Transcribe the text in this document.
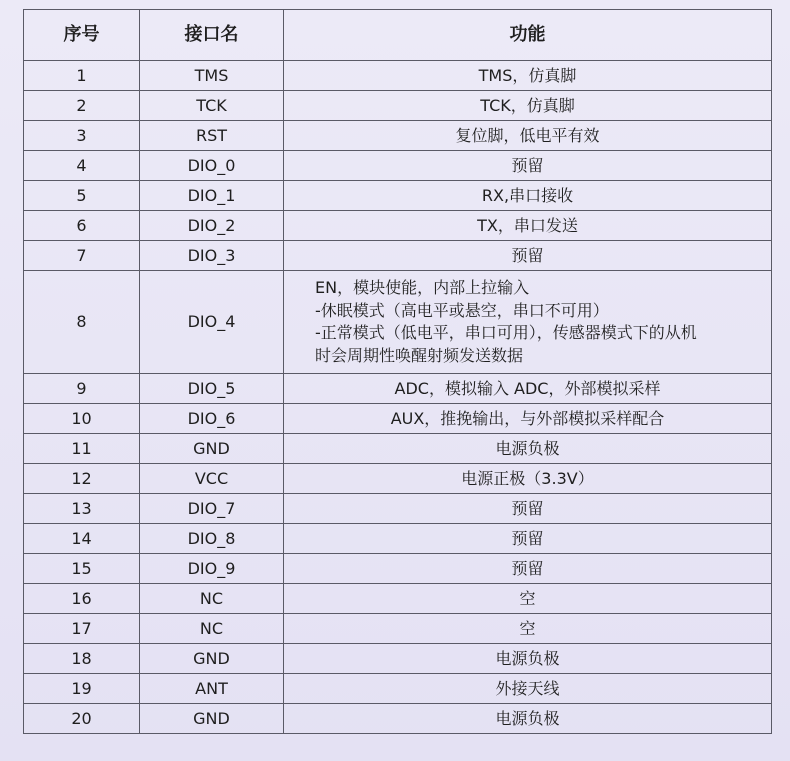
序号	接口名	功能
1	TMS	TMS，仿真脚
2	TCK	TCK，仿真脚
3	RST	复位脚，低电平有效
4	DIO_0	预留
5	DIO_1	RX,串口接收
6	DIO_2	TX，串口发送
7	DIO_3	预留
8	DIO_4	EN，模块使能，内部上拉输入
-休眠模式（高电平或悬空，串口不可用）
-正常模式（低电平，串口可用），传感器模式下的从机
时会周期性唤醒射频发送数据

9	DIO_5	ADC，模拟输入 ADC，外部模拟采样
10	DIO_6	AUX，推挽输出，与外部模拟采样配合
11	GND	电源负极
12	VCC	电源正极（3.3V）
13	DIO_7	预留
14	DIO_8	预留
15	DIO_9	预留
16	NC	空
17	NC	空
18	GND	电源负极
19	ANT	外接天线
20	GND	电源负极
